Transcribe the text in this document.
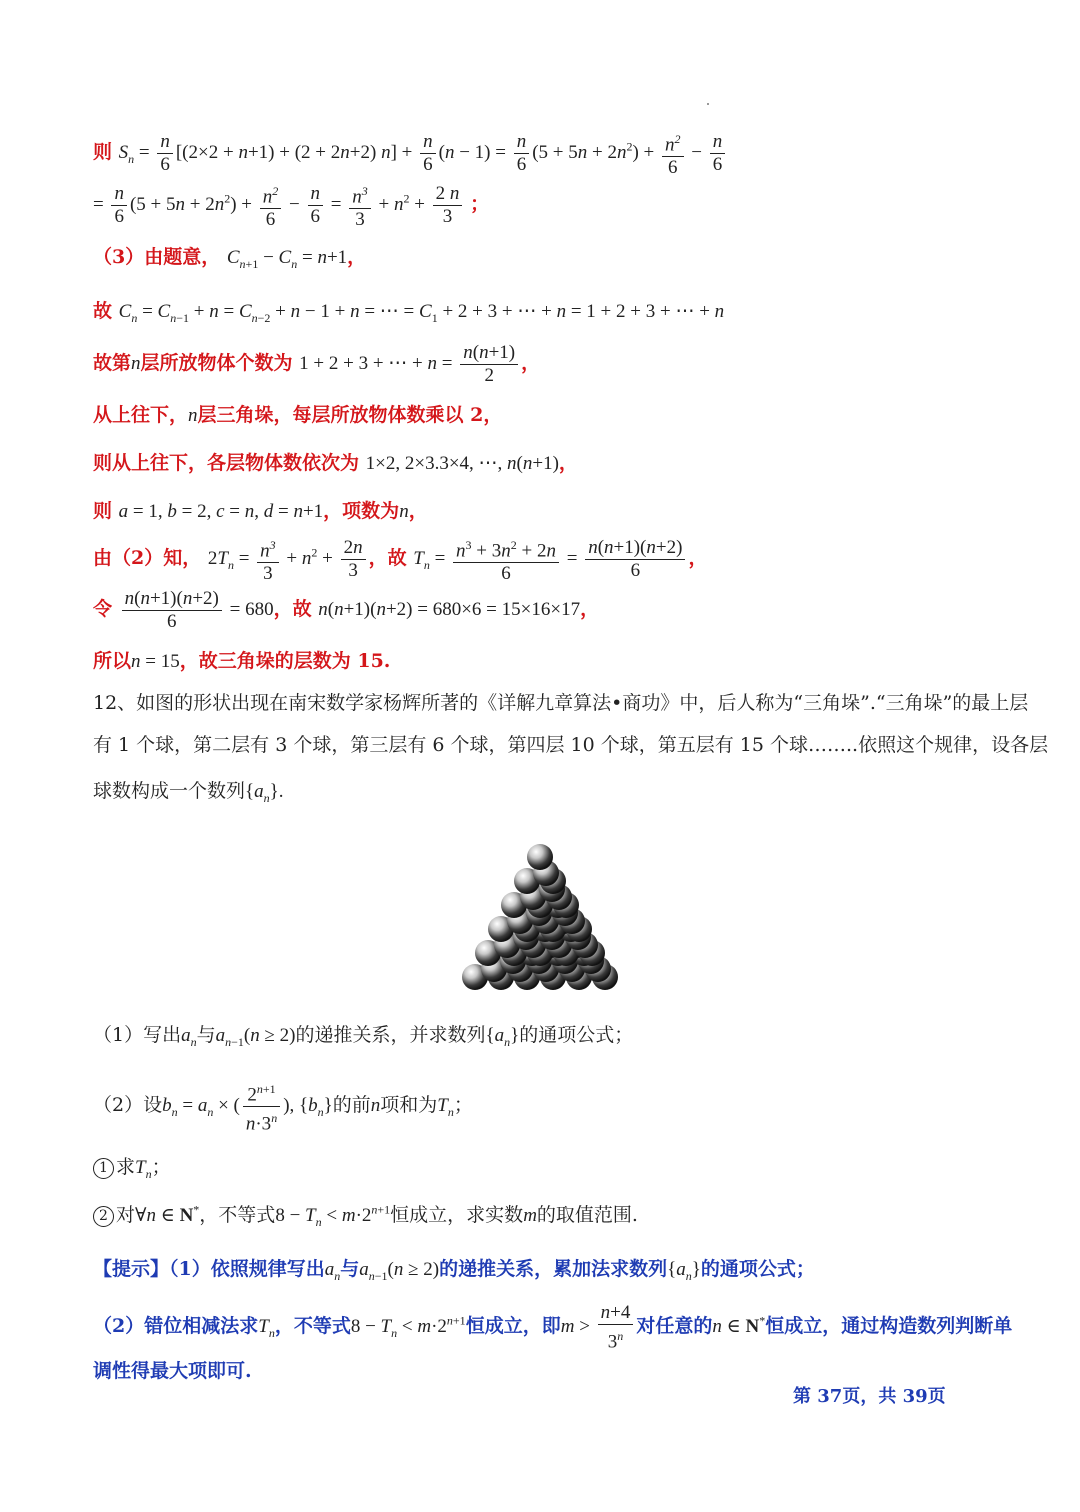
则 $S_n = \frac{n}{6} [(2\times 2 + n+1) + (2 + 2n+2) n] + \frac{n}{6} (n - 1) = \frac{n}{6} (5 + 5n + 2n^2) + \frac{n^2}{6} - \frac{n}{6}$
= $\frac{n}{6} (5 + 5n + 2n^2) + \frac{n^2}{6} - \frac{n}{6} = \frac{n^3}{3} + n^2 + \frac{2 n}{3}$ ；
（3）由题意， $C_{n+1} - C_n = n+1$，
故 $C_n = C_{n-1} + n = C_{n-2} + n - 1 + n$ = ⋯ = $C_1 + 2 + 3$ + ⋯ + n = 1 + 2 + 3 + ⋯ + n
故第n层所放物体个数为 1 + 2 + 3 + ⋯ + $n = \frac{n(n+1)}{2}$ ，
从上往下，n层三角垛，每层所放物体数乘以 2，
则从上往下，各层物体数依次为 1×2, 2×3.3×4, ⋯, n(n+1)，
则 a = 1, b = 2, c = n, d = n+1，项数为n，
由（2）知， $2T_n = \frac{n^3}{3} + n^2 + \frac{2n}{3}$ ，故 $T_n = \frac{n^3 + 3n^2 + 2n}{6} = \frac{n(n+1)(n+2)}{6}$ ，
令 $\frac{n(n+1)(n+2)}{6} = 680$，故 n(n+1)(n+2) = 680×6 = 15×16×17，
所以n = 15，故三角垛的层数为 15.
12、如图的形状出现在南宋数学家杨辉所著的《详解九章算法•商功》中，后人称为“三角垛”.“三角垛”的最上层
有 1 个球，第二层有 3 个球，第三层有 6 个球，第四层 10 个球，第五层有 15 个球……..依照这个规律，设各层
球数构成一个数列$\{a_n\}$.
（1）写出$a_n$与$a_{n-1}(n \ge 2)$的递推关系，并求数列$\{a_n\}$的通项公式；
（2）设$b_n = a_n$ × ( $\frac{2^{n+1}}{n\cdot 3^n}$ ), $\{b_n\}$的前n项和为$T_n$；
1 求$T_n$；
2 对∀n ∈ N*，不等式$8 - T_n < m\cdot 2^{n+1}$恒成立，求实数m的取值范围.
【提示】（1）依照规律写出$a_n$与$a_{n-1}(n \ge 2)$的递推关系，累加法求数列$\{a_n\}$的通项公式；
（2）错位相减法求$T_n$，不等式$8 - T_n < m\cdot 2^{n+1}$恒成立，即$m > \frac{n+4}{3^n}$ 对任意的n ∈ N*恒成立，通过构造数列判断单
调性得最大项即可.
第 37页，共 39页
